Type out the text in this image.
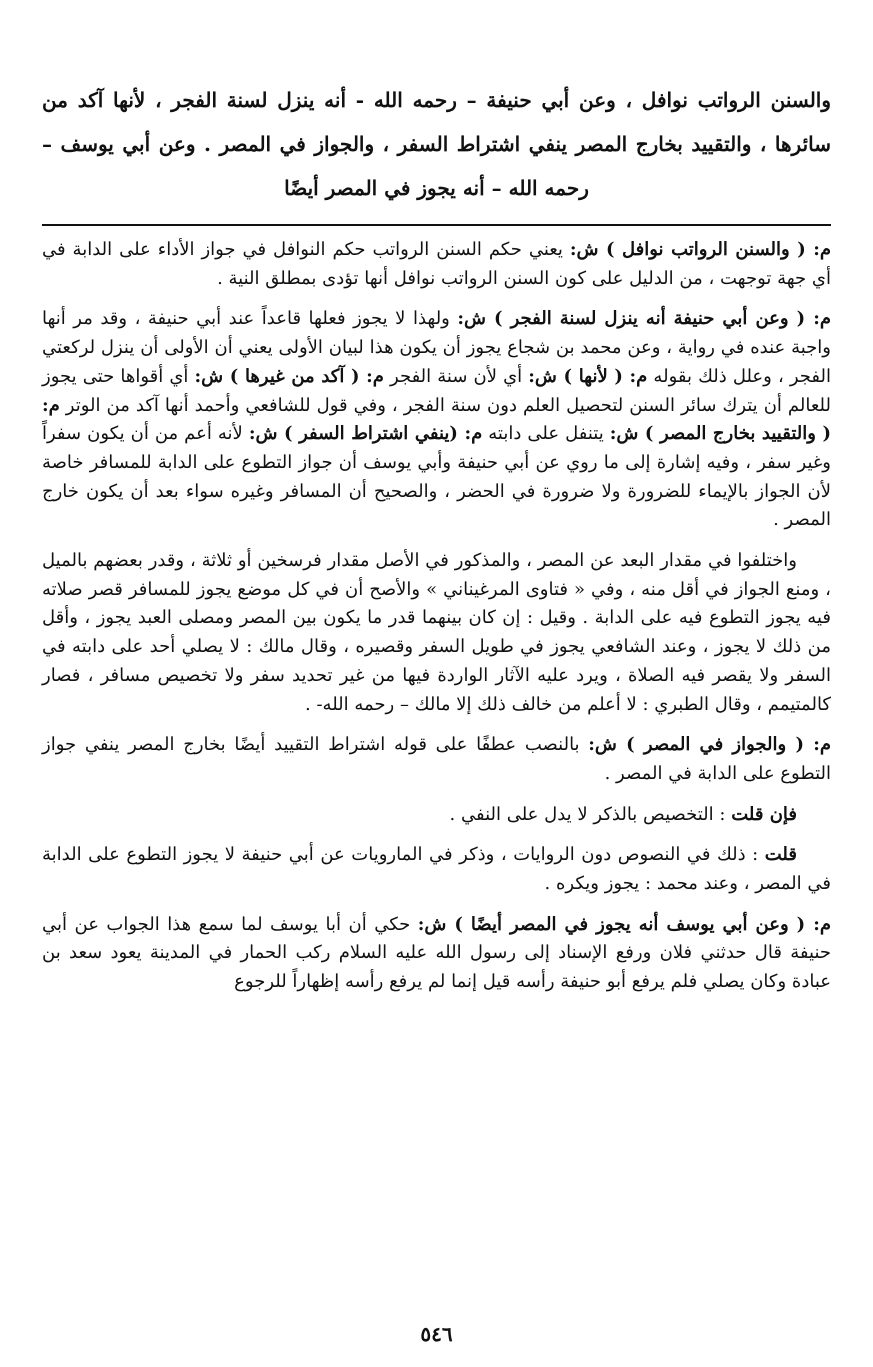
والسنن الرواتب نوافل ، وعن أبي حنيفة – رحمه الله - أنه ينزل لسنة الفجر ، لأنها آكد من سائرها ، والتقييد بخارج المصر ينفي اشتراط السفر ، والجواز في المصر . وعن أبي يوسف – رحمه الله – أنه يجوز في المصر أيضًا

م: ( والسنن الرواتب نوافل ) ش: يعني حكم السنن الرواتب حكم النوافل في جواز الأداء على الدابة في أي جهة توجهت ، من الدليل على كون السنن الرواتب نوافل أنها تؤدى بمطلق النية .

م: ( وعن أبي حنيفة أنه ينزل لسنة الفجر ) ش: ولهذا لا يجوز فعلها قاعداً عند أبي حنيفة ، وقد مر أنها واجبة عنده في رواية ، وعن محمد بن شجاع يجوز أن يكون هذا لبيان الأولى يعني أن الأولى أن ينزل لركعتي الفجر ، وعلل ذلك بقوله م: ( لأنها ) ش: أي لأن سنة الفجر م: ( آكد من غيرها ) ش: أي أقواها حتى يجوز للعالم أن يترك سائر السنن لتحصيل العلم دون سنة الفجر ، وفي قول للشافعي وأحمد أنها آكد من الوتر م: ( والتقييد بخارج المصر ) ش: يتنفل على دابته م: (ينفي اشتراط السفر ) ش: لأنه أعم من أن يكون سفراً وغير سفر ، وفيه إشارة إلى ما روي عن أبي حنيفة وأبي يوسف أن جواز التطوع على الدابة للمسافر خاصة لأن الجواز بالإيماء للضرورة ولا ضرورة في الحضر ، والصحيح أن المسافر وغيره سواء بعد أن يكون خارج المصر .

واختلفوا في مقدار البعد عن المصر ، والمذكور في الأصل مقدار فرسخين أو ثلاثة ، وقدر بعضهم بالميل ، ومنع الجواز في أقل منه ، وفي « فتاوى المرغيناني » والأصح أن في كل موضع يجوز للمسافر قصر صلاته فيه يجوز التطوع فيه على الدابة . وقيل : إن كان بينهما قدر ما يكون بين المصر ومصلى العبد يجوز ، وأقل من ذلك لا يجوز ، وعند الشافعي يجوز في طويل السفر وقصيره ، وقال مالك : لا يصلي أحد على دابته في السفر ولا يقصر فيه الصلاة ، ويرد عليه الآثار الواردة فيها من غير تحديد سفر ولا تخصيص مسافر ، فصار كالمتيمم ، وقال الطبري : لا أعلم من خالف ذلك إلا مالك – رحمه الله- .

م: ( والجواز في المصر ) ش: بالنصب عطفًا على قوله اشتراط التقييد أيضًا بخارج المصر ينفي جواز التطوع على الدابة في المصر .

فإن قلت : التخصيص بالذكر لا يدل على النفي .

قلت : ذلك في النصوص دون الروايات ، وذكر في المارويات عن أبي حنيفة لا يجوز التطوع على الدابة في المصر ، وعند محمد : يجوز ويكره .

م: ( وعن أبي يوسف أنه يجوز في المصر أيضًا ) ش: حكي أن أبا يوسف لما سمع هذا الجواب عن أبي حنيفة قال حدثني فلان ورفع الإسناد إلى رسول الله عليه السلام ركب الحمار في المدينة يعود سعد بن عبادة وكان يصلي فلم يرفع أبو حنيفة رأسه قيل إنما لم يرفع رأسه إظهاراً للرجوع

٥٤٦
